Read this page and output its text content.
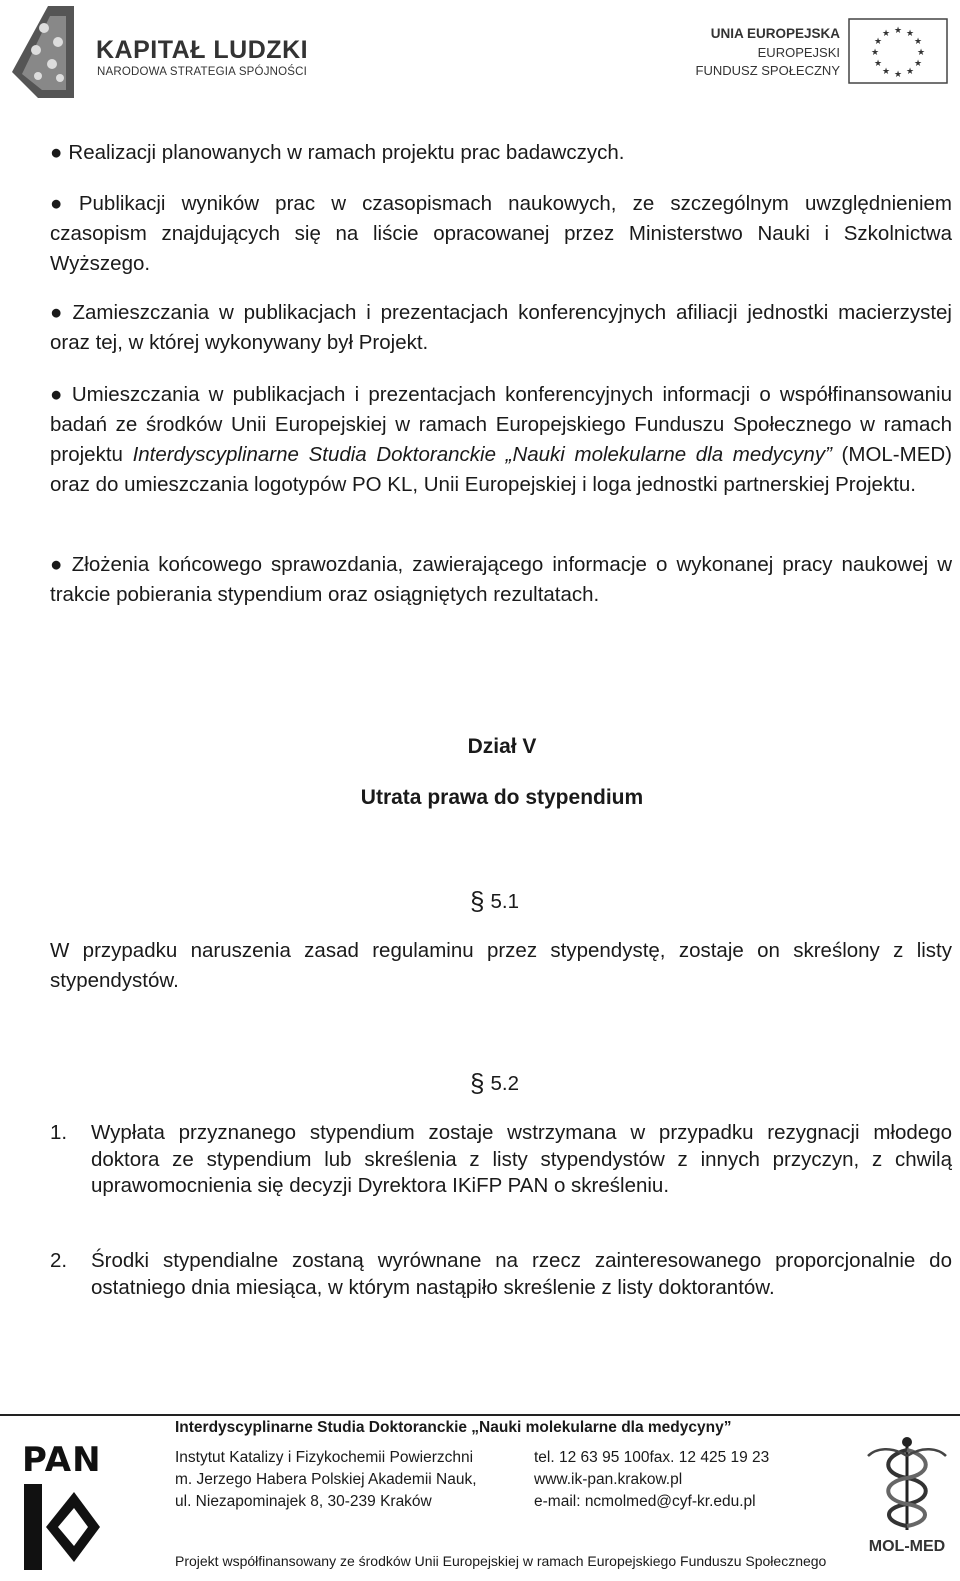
KAPITAŁ LUDZKI
NARODOWA STRATEGIA SPÓJNOŚCI
UNIA EUROPEJSKA
EUROPEJSKI
FUNDUSZ SPOŁECZNY
★ ★
★
★
★
★
★
★
★
★
★
★
● Realizacji planowanych w ramach projektu prac badawczych.
● Publikacji wyników prac w czasopismach naukowych, ze szczególnym uwzględnieniem czasopism znajdujących się na liście opracowanej przez Ministerstwo Nauki i Szkolnictwa Wyższego.
● Zamieszczania w publikacjach i prezentacjach konferencyjnych afiliacji jednostki macierzystej oraz tej, w której wykonywany był Projekt.
● Umieszczania w publikacjach i prezentacjach konferencyjnych informacji o współfinansowaniu badań ze środków Unii Europejskiej w ramach Europejskiego Funduszu Społecznego w ramach projektu Interdyscyplinarne Studia Doktoranckie „Nauki molekularne dla medycyny” (MOL-MED) oraz do umieszczania logotypów PO KL, Unii Europejskiej i loga jednostki partnerskiej Projektu.
● Złożenia końcowego sprawozdania, zawierającego informacje o wykonanej pracy naukowej w trakcie pobierania stypendium oraz osiągniętych rezultatach.
Dział V
Utrata prawa do stypendium
§ 5.1
W przypadku naruszenia zasad regulaminu przez stypendystę, zostaje on skreślony z listy stypendystów.
§ 5.2
1. Wypłata przyznanego stypendium zostaje wstrzymana w przypadku rezygnacji młodego doktora ze stypendium lub skreślenia z listy stypendystów z innych przyczyn, z chwilą uprawomocnienia się decyzji Dyrektora IKiFP PAN o skreśleniu.
2. Środki stypendialne zostaną wyrównane na rzecz zainteresowanego proporcjonalnie do ostatniego dnia miesiąca, w którym nastąpiło skreślenie z listy doktorantów.
Interdyscyplinarne Studia Doktoranckie „Nauki molekularne dla medycyny”
Instytut Katalizy i Fizykochemii Powierzchni
m. Jerzego Habera Polskiej Akademii Nauk,
ul. Niezapominajek 8, 30-239 Kraków
tel. 12 63 95 100fax. 12 425 19 23
www.ik-pan.krakow.pl
e-mail: ncmolmed@cyf-kr.edu.pl
PAN
MOL-MED
Projekt współfinansowany ze środków Unii Europejskiej w ramach Europejskiego Funduszu Społecznego
